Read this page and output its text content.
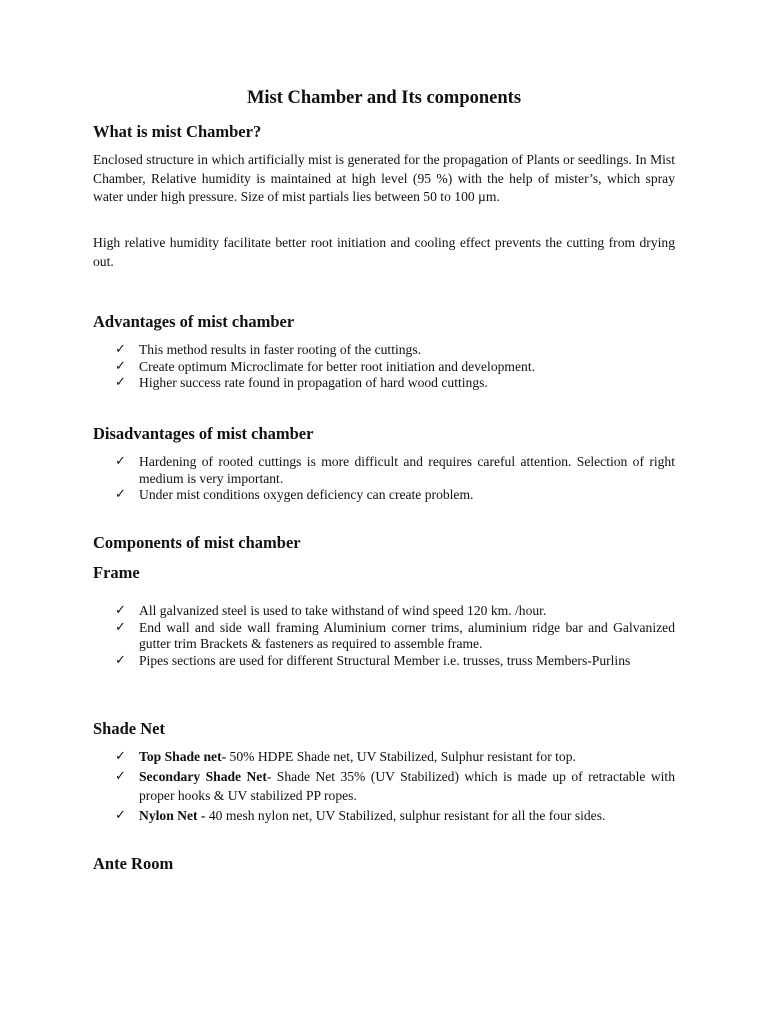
Mist Chamber and Its components
What is mist Chamber?
Enclosed structure in which artificially mist is generated for the propagation of Plants or seedlings. In Mist Chamber, Relative humidity is maintained at high level (95 %) with the help of mister’s, which spray water under high pressure. Size of mist partials lies between 50 to 100 µm.
High relative humidity facilitate better root initiation and cooling effect prevents the cutting from drying out.
Advantages of mist chamber
✓ This method results in faster rooting of the cuttings.
✓ Create optimum Microclimate for better root initiation and development.
✓ Higher success rate found in propagation of hard wood cuttings.
Disadvantages of mist chamber
✓ Hardening of rooted cuttings is more difficult and requires careful attention. Selection of right medium is very important.
✓ Under mist conditions oxygen deficiency can create problem.
Components of mist chamber
Frame
✓ All galvanized steel is used to take withstand of wind speed 120 km. /hour.
✓ End wall and side wall framing Aluminium corner trims, aluminium ridge bar and Galvanized gutter trim Brackets & fasteners as required to assemble frame.
✓ Pipes sections are used for different Structural Member i.e. trusses, truss Members-Purlins
Shade Net
✓ Top Shade net- 50% HDPE Shade net, UV Stabilized, Sulphur resistant for top.
✓ Secondary Shade Net- Shade Net 35% (UV Stabilized) which is made up of retractable with proper hooks & UV stabilized PP ropes.
✓ Nylon Net - 40 mesh nylon net, UV Stabilized, sulphur resistant for all the four sides.
Ante Room
